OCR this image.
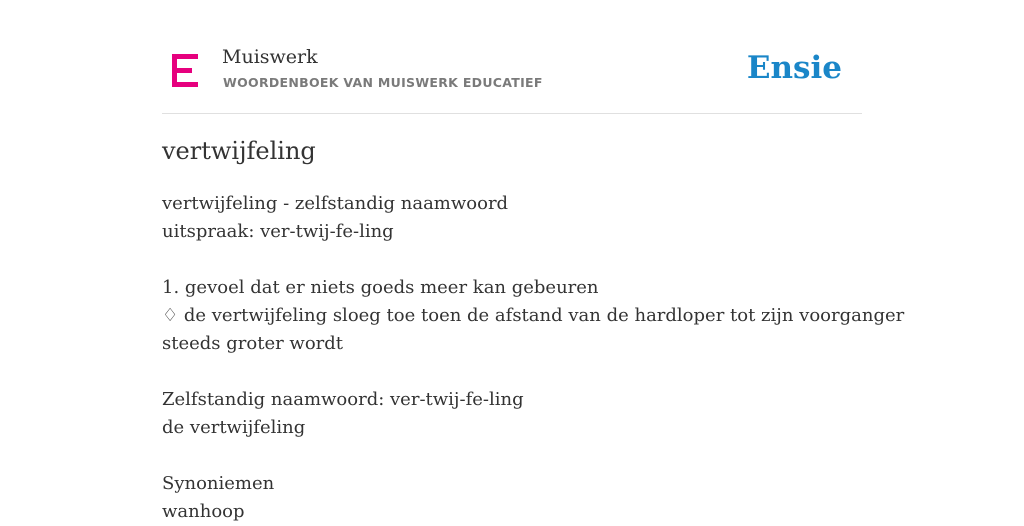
Muiswerk
WOORDENBOEK VAN MUISWERK EDUCATIEF	Ensie
vertwijfeling
vertwijfeling - zelfstandig naamwoord
uitspraak: ver-twij-fe-ling
1. gevoel dat er niets goeds meer kan gebeuren
♢ de vertwijfeling sloeg toe toen de afstand van de hardloper tot zijn voorganger
steeds groter wordt
Zelfstandig naamwoord: ver-twij-fe-ling
de vertwijfeling
Synoniemen
wanhoop
